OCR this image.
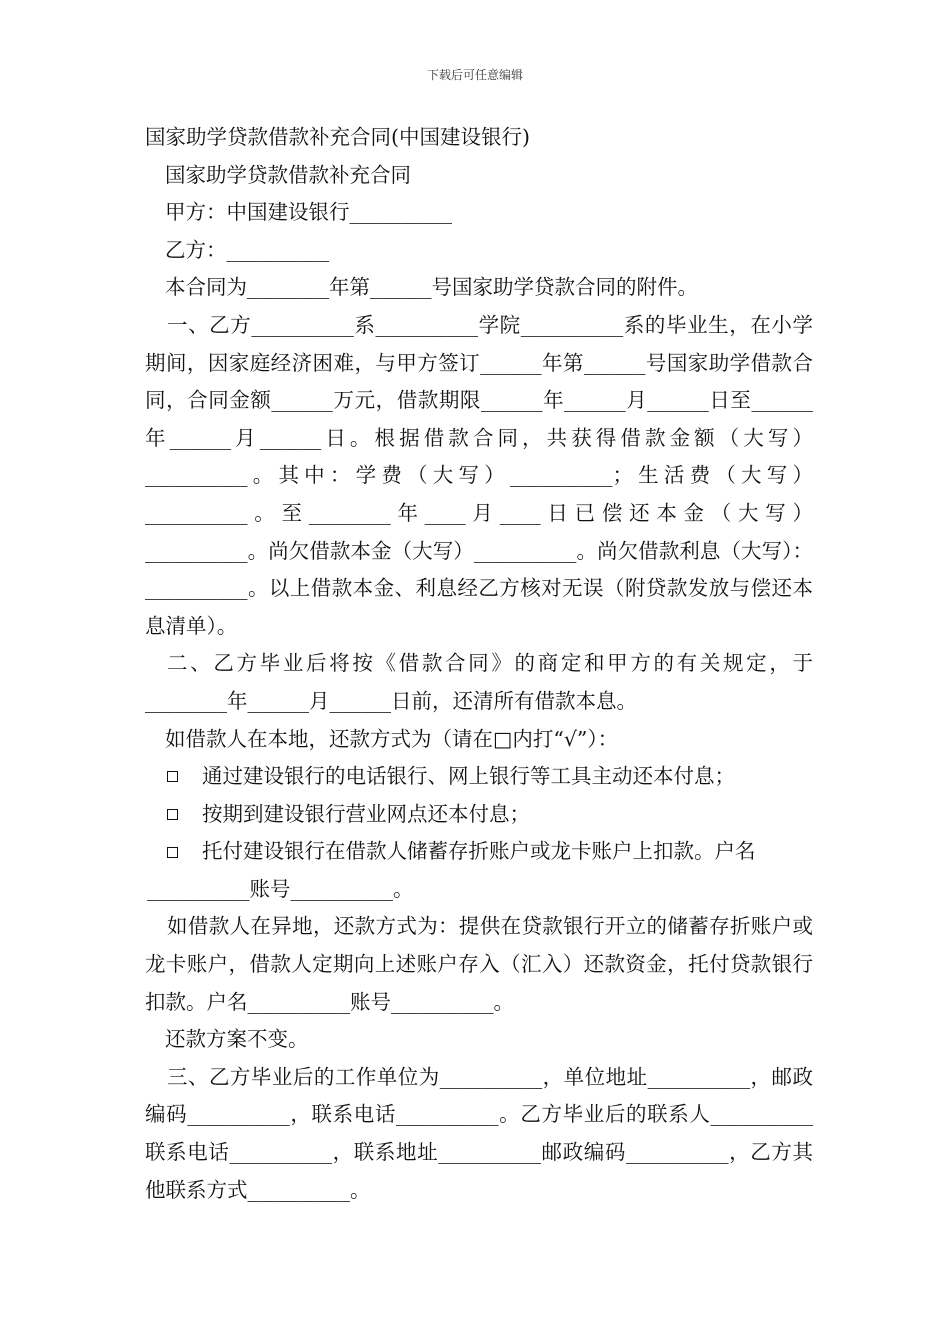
下载后可任意编辑

国家助学贷款借款补充合同(中国建设银行)

国家助学贷款借款补充合同

甲方：中国建设银行__________

乙方：__________

本合同为________年第______号国家助学贷款合同的附件。

一、乙方__________系__________学院__________系的毕业生，在小学期间，因家庭经济困难，与甲方签订______年第______号国家助学借款合同，合同金额______万元，借款期限______年______月______日至______年______月______日。根据借款合同，共获得借款金额（大写）__________。其中：学费（大写）__________；生活费（大写）__________。至________年____月____日已偿还本金（大写）__________。尚欠借款本金（大写）__________。尚欠借款利息（大写）：__________。以上借款本金、利息经乙方核对无误（附贷款发放与偿还本息清单）。

二、乙方毕业后将按《借款合同》的商定和甲方的有关规定，于________年______月______日前，还清所有借款本息。

如借款人在本地，还款方式为（请在□内打“√”）：

通过建设银行的电话银行、网上银行等工具主动还本付息；
按期到建设银行营业网点还本付息；
托付建设银行在借款人储蓄存折账户或龙卡账户上扣款。户名__________账号__________。

如借款人在异地，还款方式为：提供在贷款银行开立的储蓄存折账户或龙卡账户，借款人定期向上述账户存入（汇入）还款资金，托付贷款银行扣款。户名__________账号__________。

还款方案不变。

三、乙方毕业后的工作单位为__________，单位地址__________，邮政编码__________，联系电话__________。乙方毕业后的联系人__________联系电话__________，联系地址__________邮政编码__________，乙方其他联系方式__________。
